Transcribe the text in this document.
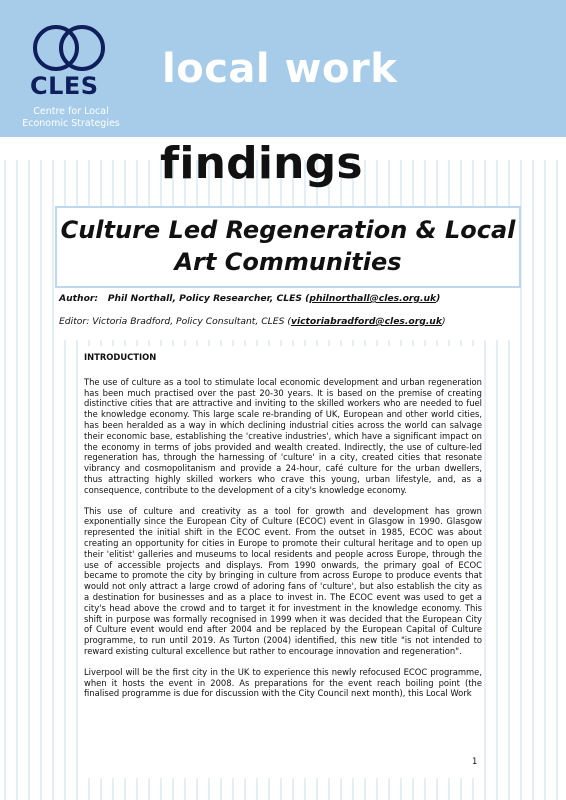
CLES
Centre for Local Economic Strategies
local work
findings
Culture Led Regeneration & Local Art Communities
Author: Phil Northall, Policy Researcher, CLES (philnorthall@cles.org.uk)
Editor: Victoria Bradford, Policy Consultant, CLES (victoriabradford@cles.org.uk)
INTRODUCTION

The use of culture as a tool to stimulate local economic development and urban regeneration has been much practised over the past 20-30 years. It is based on the premise of creating distinctive cities that are attractive and inviting to the skilled workers who are needed to fuel the knowledge economy. This large scale re-branding of UK, European and other world cities, has been heralded as a way in which declining industrial cities across the world can salvage their economic base, establishing the 'creative industries', which have a significant impact on the economy in terms of jobs provided and wealth created. Indirectly, the use of culture-led regeneration has, through the harnessing of 'culture' in a city, created cities that resonate vibrancy and cosmopolitanism and provide a 24-hour, café culture for the urban dwellers, thus attracting highly skilled workers who crave this young, urban lifestyle, and, as a consequence, contribute to the development of a city's knowledge economy.

This use of culture and creativity as a tool for growth and development has grown exponentially since the European City of Culture (ECOC) event in Glasgow in 1990. Glasgow represented the initial shift in the ECOC event. From the outset in 1985, ECOC was about creating an opportunity for cities in Europe to promote their cultural heritage and to open up their 'elitist' galleries and museums to local residents and people across Europe, through the use of accessible projects and displays. From 1990 onwards, the primary goal of ECOC became to promote the city by bringing in culture from across Europe to produce events that would not only attract a large crowd of adoring fans of 'culture', but also establish the city as a destination for businesses and as a place to invest in. The ECOC event was used to get a city's head above the crowd and to target it for investment in the knowledge economy. This shift in purpose was formally recognised in 1999 when it was decided that the European City of Culture event would end after 2004 and be replaced by the European Capital of Culture programme, to run until 2019. As Turton (2004) identified, this new title "is not intended to reward existing cultural excellence but rather to encourage innovation and regeneration".

Liverpool will be the first city in the UK to experience this newly refocused ECOC programme, when it hosts the event in 2008. As preparations for the event reach boiling point (the finalised programme is due for discussion with the City Council next month), this Local Work

1
